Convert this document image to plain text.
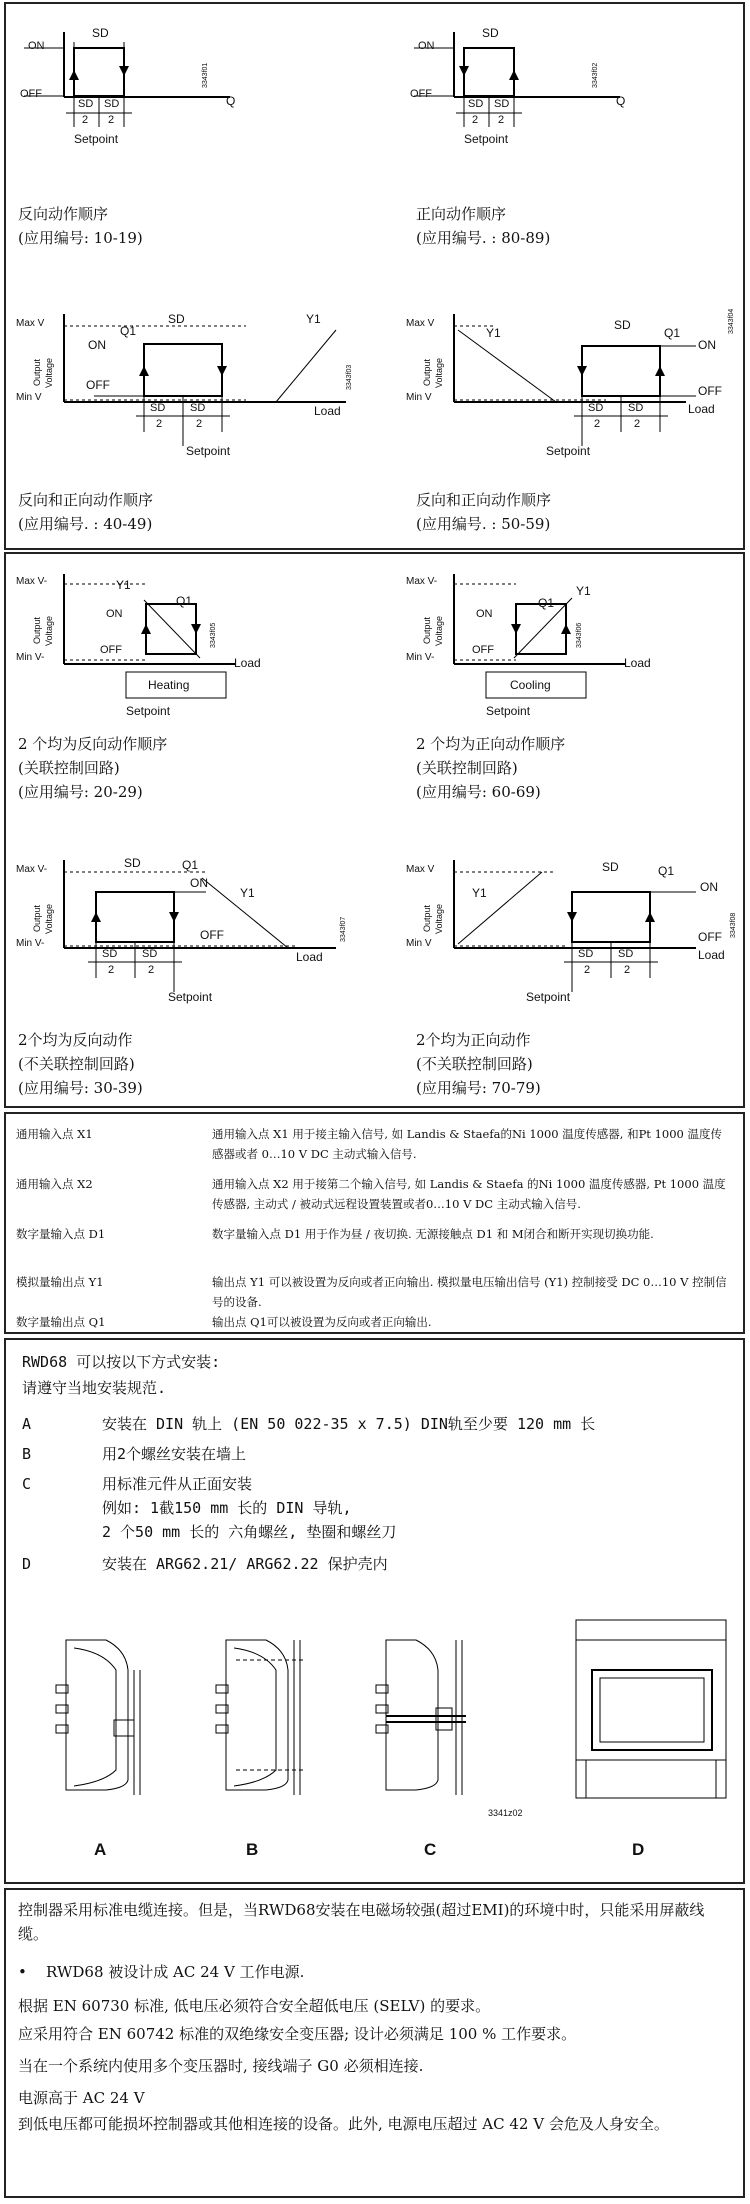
SD
ON
OFF	Q
SD SD
2 2
Setpoint
3343f01
反向动作顺序
(应用编号: 10-19)
SD
ON
OFF	Q
SD SD
2 2
Setpoint
3343f02
正向动作顺序
(应用编号. : 80-89)
Max V
Min V
Output Voltage
SD
Q1
ON
OFF
Y1
Load
SD SD
2	2
Setpoint
3343f03
反向和正向动作顺序
(应用编号. : 40-49)
Max V
Min V
Output Voltage
Y1
SD
Q1
ON
OFF
Load
SD SD
2	2
Setpoint
3343f04
反向和正向动作顺序
(应用编号. : 50-59)
Max V-
Min V-
Output Voltage
Y1
Q1
ON
OFF
Load
Heating
Setpoint
3343f05
2 个均为反向动作顺序
(关联控制回路)
(应用编号: 20-29)
Max V-
Min V-
Output Voltage
Y1
Q1
ON
OFF
Load
Cooling
Setpoint
3343f06
2 个均为正向动作顺序
(关联控制回路)
(应用编号: 60-69)
Max V-
Min V-
Output Voltage
SD	Q1
ON
Y1
OFF
Load
SD SD
2	2
Setpoint
3343f07
2个均为反向动作
(不关联控制回路)
(应用编号: 30-39)
Max V
Min V
Output Voltage
Y1
SD	Q1
ON
OFF
Load
SD SD
2	2
Setpoint
3343f08
2个均为正向动作
(不关联控制回路)
(应用编号: 70-79)
通用输入点 X1	通用输入点 X1 用于接主输入信号, 如 Landis & Staefa的Ni 1000 温度传感器, 和Pt 1000 温度传感器或者 0…10 V DC 主动式输入信号.
通用输入点 X2	通用输入点 X2 用于接第二个输入信号, 如 Landis & Staefa 的Ni 1000 温度传感器, Pt 1000 温度传感器, 主动式 / 被动式远程设置装置或者0…10 V DC 主动式输入信号.
数字量输入点 D1	数字量输入点 D1 用于作为昼 / 夜切换. 无源接触点 D1 和 M闭合和断开实现切换功能.
模拟量输出点 Y1	输出点 Y1 可以被设置为反向或者正向输出. 模拟量电压输出信号 (Y1) 控制接受 DC 0…10 V 控制信号的设备.
数字量输出点 Q1	输出点 Q1可以被设置为反向或者正向输出.
RWD68 可以按以下方式安装:
请遵守当地安装规范.
A	安装在 DIN 轨上 (EN 50 022-35 x 7.5) DIN轨至少要 120 mm 长
B	用2个螺丝安装在墙上
C	用标准元件从正面安装
例如: 1截150 mm 长的 DIN 导轨,
2 个50 mm 长的 六角螺丝, 垫圈和螺丝刀
D	安装在 ARG62.21/ ARG62.22 保护壳内
3341z02
A	B	C	D
控制器采用标准电缆连接。但是，当RWD68安装在电磁场较强(超过EMI)的环境中时，只能采用屏蔽线缆。
•	RWD68 被设计成 AC 24 V 工作电源.
根据 EN 60730 标准, 低电压必须符合安全超低电压 (SELV) 的要求。
应采用符合 EN 60742 标准的双绝缘安全变压器; 设计必须满足 100 % 工作要求。
当在一个系统内使用多个变压器时, 接线端子 G0 必须相连接.
电源高于 AC 24 V
到低电压都可能损坏控制器或其他相连接的设备。此外, 电源电压超过 AC 42 V 会危及人身安全。
